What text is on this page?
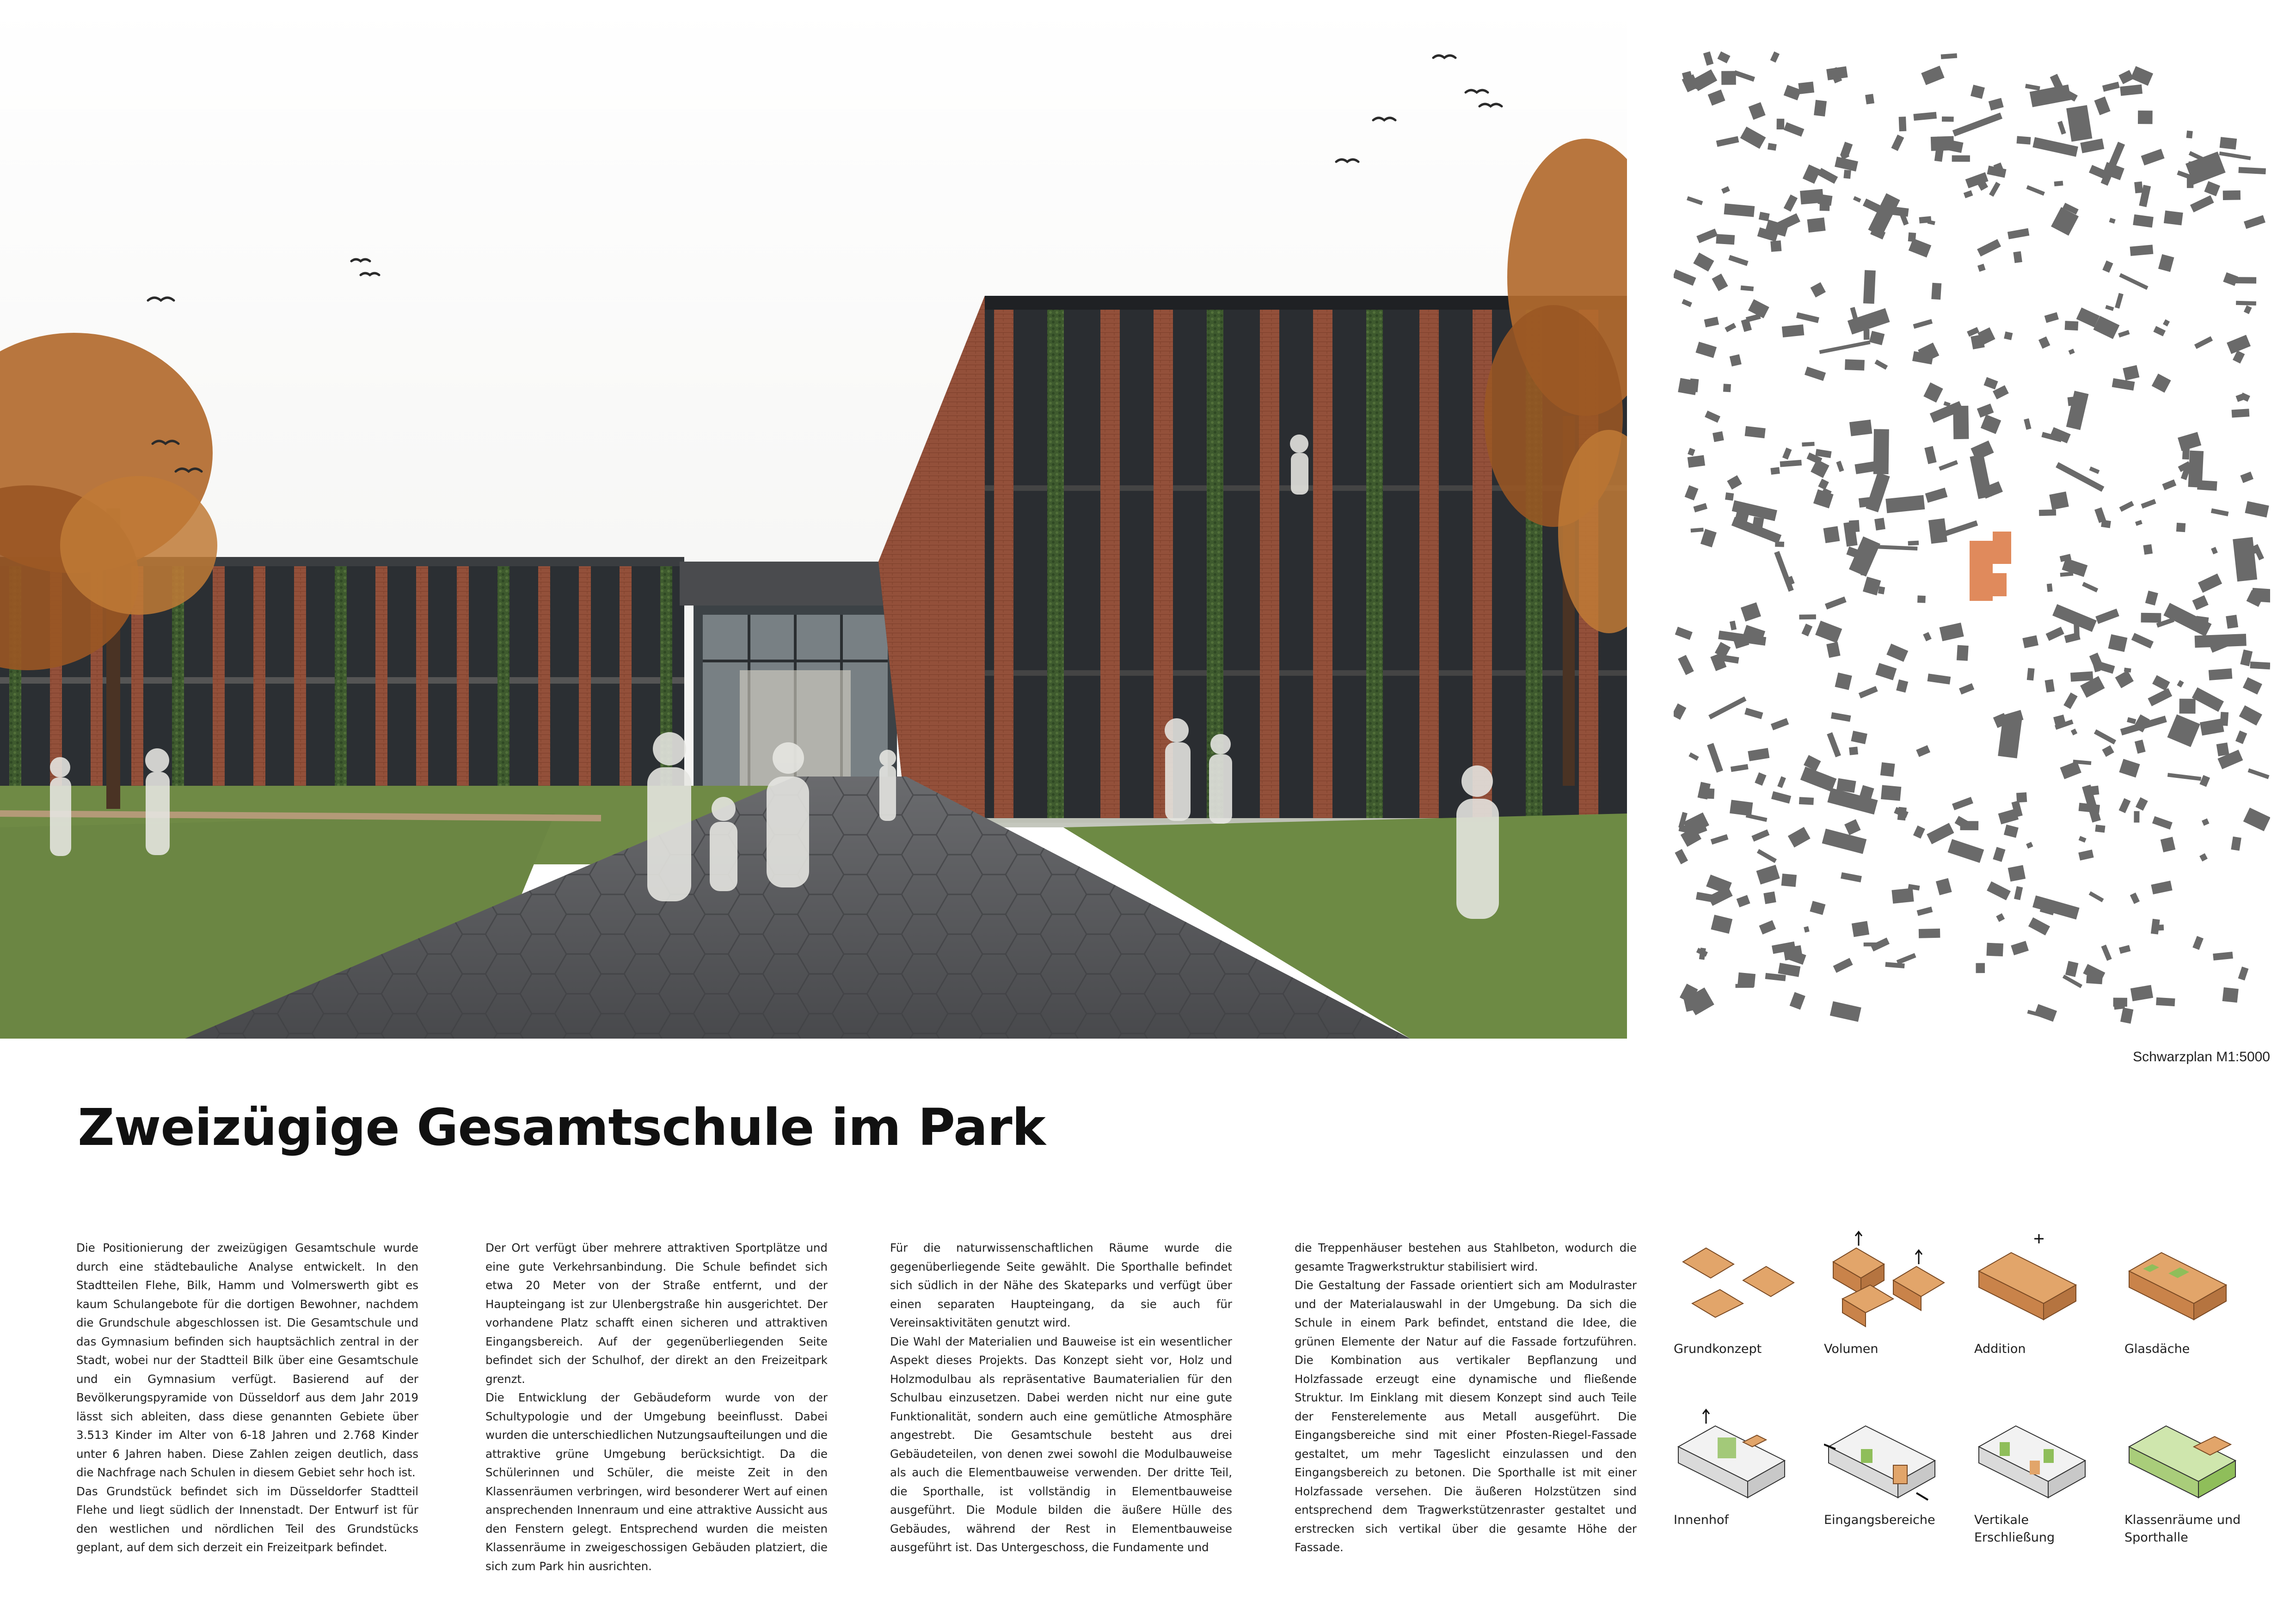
Schwarzplan M1:5000
Zweizügige Gesamtschule im Park
Die Positionierung der zweizügigen Gesamtschule wurde durch eine städtebauliche Analyse entwickelt. In den Stadtteilen Flehe, Bilk, Hamm und Volmerswerth gibt es kaum Schulangebote für die dortigen Bewohner, nachdem die Grundschule abgeschlossen ist. Die Gesamtschule und das Gymnasium befinden sich hauptsächlich zentral in der Stadt, wobei nur der Stadtteil Bilk über eine Gesamtschule und ein Gymnasium verfügt. Basierend auf der Bevölkerungspyramide von Düsseldorf aus dem Jahr 2019 lässt sich ableiten, dass diese genannten Gebiete über 3.513 Kinder im Alter von 6-18 Jahren und 2.768 Kinder unter 6 Jahren haben. Diese Zahlen zeigen deutlich, dass die Nachfrage nach Schulen in diesem Gebiet sehr hoch ist.
Das Grundstück befindet sich im Düsseldorfer Stadtteil Flehe und liegt südlich der Innenstadt. Der Entwurf ist für den westlichen und nördlichen Teil des Grundstücks geplant, auf dem sich derzeit ein Freizeitpark befindet.
Der Ort verfügt über mehrere attraktiven Sportplätze und eine gute Verkehrsanbindung. Die Schule befindet sich etwa 20 Meter von der Straße entfernt, und der Haupteingang ist zur Ulenbergstraße hin ausgerichtet. Der vorhandene Platz schafft einen sicheren und attraktiven Eingangsbereich. Auf der gegenüberliegenden Seite befindet sich der Schulhof, der direkt an den Freizeitpark grenzt.
Die Entwicklung der Gebäudeform wurde von der Schultypologie und der Umgebung beeinflusst. Dabei wurden die unterschiedlichen Nutzungsaufteilungen und die attraktive grüne Umgebung berücksichtigt. Da die Schülerinnen und Schüler, die meiste Zeit in den Klassenräumen verbringen, wird besonderer Wert auf einen ansprechenden Innenraum und eine attraktive Aussicht aus den Fenstern gelegt. Entsprechend wurden die meisten Klassenräume in zweigeschossigen Gebäuden platziert, die sich zum Park hin ausrichten.
Für die naturwissenschaftlichen Räume wurde die gegenüberliegende Seite gewählt. Die Sporthalle befindet sich südlich in der Nähe des Skateparks und verfügt über einen separaten Haupteingang, da sie auch für Vereinsaktivitäten genutzt wird.
Die Wahl der Materialien und Bauweise ist ein wesentlicher Aspekt dieses Projekts. Das Konzept sieht vor, Holz und Holzmodulbau als repräsentative Baumaterialien für den Schulbau einzusetzen. Dabei werden nicht nur eine gute Funktionalität, sondern auch eine gemütliche Atmosphäre angestrebt. Die Gesamtschule besteht aus drei Gebäudeteilen, von denen zwei sowohl die Modulbauweise als auch die Elementbauweise verwenden. Der dritte Teil, die Sporthalle, ist vollständig in Elementbauweise ausgeführt. Die Module bilden die äußere Hülle des Gebäudes, während der Rest in Elementbauweise ausgeführt ist. Das Untergeschoss, die Fundamente und
die Treppenhäuser bestehen aus Stahlbeton, wodurch die gesamte Tragwerkstruktur stabilisiert wird.
Die Gestaltung der Fassade orientiert sich am Modulraster und der Materialauswahl in der Umgebung. Da sich die Schule in einem Park befindet, entstand die Idee, die grünen Elemente der Natur auf die Fassade fortzuführen. Die Kombination aus vertikaler Bepflanzung und Holzfassade erzeugt eine dynamische und fließende Struktur. Im Einklang mit diesem Konzept sind auch Teile der Fensterelemente aus Metall ausgeführt. Die Eingangsbereiche sind mit einer Pfosten-Riegel-Fassade gestaltet, um mehr Tageslicht einzulassen und den Eingangsbereich zu betonen. Die Sporthalle ist mit einer Holzfassade versehen. Die äußeren Holzstützen sind entsprechend dem Tragwerkstützenraster gestaltet und erstrecken sich vertikal über die gesamte Höhe der Fassade.
Grundkonzept	Volumen	Addition	Glasdäche
Innenhof	Eingangsbereiche	Vertikale
Erschließung
Klassenräume und
Sporthalle
